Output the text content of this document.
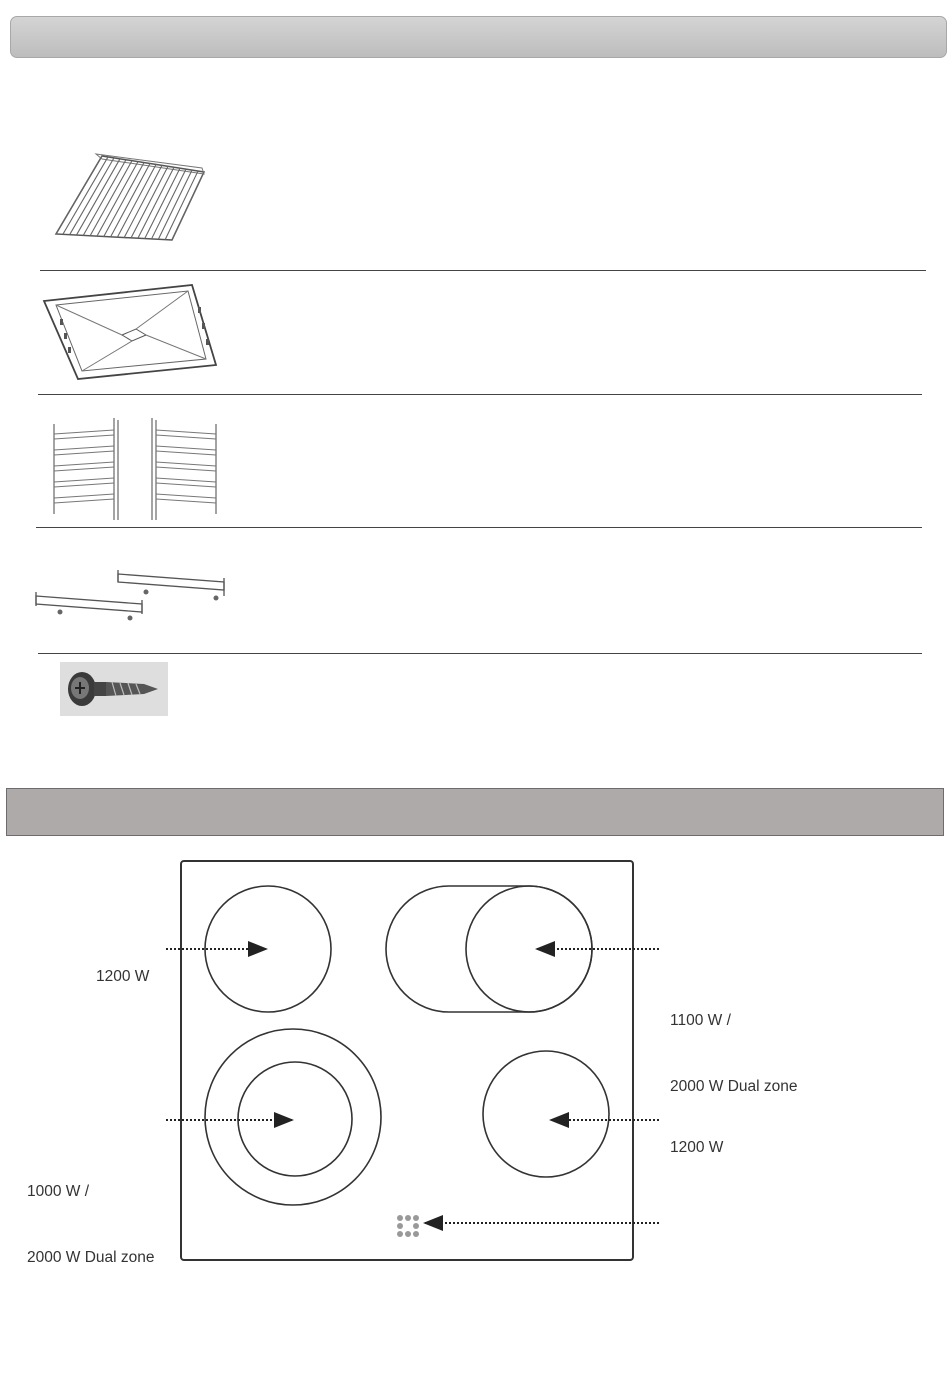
1200 W

1100 W /

2000 W Dual zone

1000 W /

2000 W Dual zone

1200 W
